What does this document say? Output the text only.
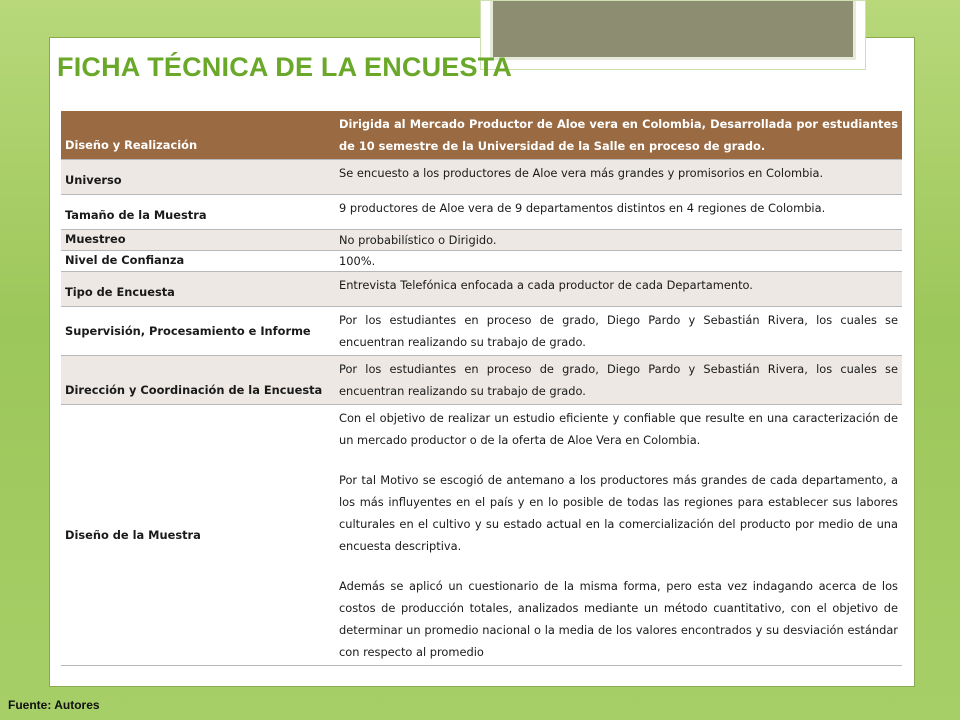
FICHA TÉCNICA DE LA ENCUESTA
Diseño y Realización	Dirigida al Mercado Productor de Aloe vera en Colombia, Desarrollada por estudiantes de 10 semestre de la Universidad de la Salle en proceso de grado.
Universo	Se encuesto a los productores de Aloe vera más grandes y promisorios en Colombia.
Tamaño de la Muestra	9 productores de Aloe vera de 9 departamentos distintos en 4 regiones de Colombia.
Muestreo	No probabilístico o Dirigido.
Nivel de Confianza	100%.
Tipo de Encuesta	Entrevista Telefónica enfocada a cada productor de cada Departamento.
Supervisión, Procesamiento e Informe	Por los estudiantes en proceso de grado, Diego Pardo y Sebastián Rivera, los cuales se encuentran realizando su trabajo de grado.
Dirección y Coordinación de la Encuesta	Por los estudiantes en proceso de grado, Diego Pardo y Sebastián Rivera, los cuales se encuentran realizando su trabajo de grado.
Diseño de la Muestra	Con el objetivo de realizar un estudio eficiente y confiable que resulte en una caracterización de un mercado productor o de la oferta de Aloe Vera en Colombia.

Por tal Motivo se escogió de antemano a los productores más grandes de cada departamento, a los más influyentes en el país y en lo posible de todas las regiones para establecer sus labores culturales en el cultivo y su estado actual en la comercialización del producto por medio de una encuesta descriptiva.

Además se aplicó un cuestionario de la misma forma, pero esta vez indagando acerca de los costos de producción totales, analizados mediante un método cuantitativo, con el objetivo de determinar un promedio nacional o la media de los valores encontrados y su desviación estándar con respecto al promedio

Fuente: Autores
